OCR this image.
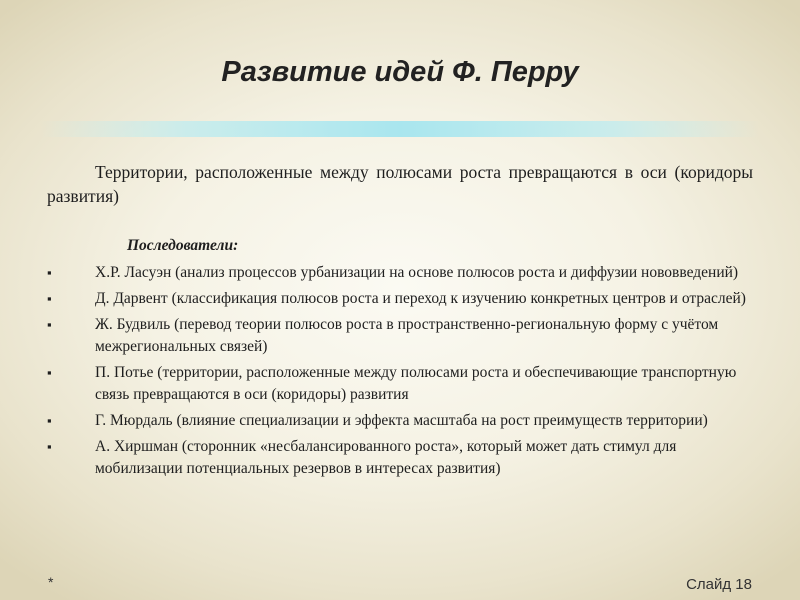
Развитие идей Ф. Перру

Территории, расположенные между полюсами роста превращаются в оси (коридоры развития)

Последователи:

▪	Х.Р. Ласуэн (анализ процессов урбанизации на основе полюсов роста и диффузии нововведений)
▪	Д. Дарвент (классификация полюсов роста и переход к изучению конкретных центров и отраслей)
▪	Ж. Будвиль (перевод теории полюсов роста в пространственно-региональную форму с учётом межрегиональных связей)
▪	П. Потье (территории, расположенные между полюсами роста и обеспечивающие транспортную связь превращаются в оси (коридоры) развития
▪	Г. Мюрдаль (влияние специализации и эффекта масштаба на рост преимуществ территории)
▪	А. Хиршман (сторонник «несбалансированного роста», который может дать стимул для мобилизации потенциальных резервов в интересах развития)
*	Слайд 18
